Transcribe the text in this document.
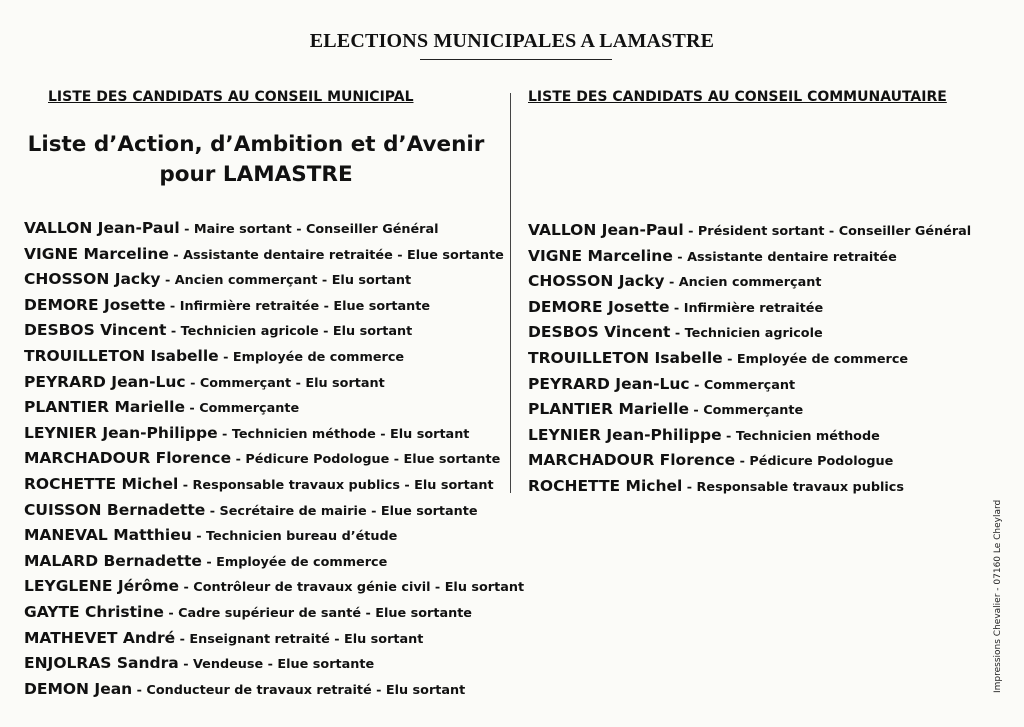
ELECTIONS MUNICIPALES A LAMASTRE
LISTE DES CANDIDATS AU CONSEIL MUNICIPAL	LISTE DES CANDIDATS AU CONSEIL COMMUNAUTAIRE
Liste d’Action, d’Ambition et d’Avenir
pour LAMASTRE
VALLON Jean-Paul - Maire sortant - Conseiller Général
VIGNE Marceline - Assistante dentaire retraitée - Elue sortante
CHOSSON Jacky - Ancien commerçant - Elu sortant
DEMORE Josette - Infirmière retraitée - Elue sortante
DESBOS Vincent - Technicien agricole - Elu sortant
TROUILLETON Isabelle - Employée de commerce
PEYRARD Jean-Luc - Commerçant - Elu sortant
PLANTIER Marielle - Commerçante
LEYNIER Jean-Philippe - Technicien méthode - Elu sortant
MARCHADOUR Florence - Pédicure Podologue - Elue sortante
ROCHETTE Michel - Responsable travaux publics - Elu sortant
CUISSON Bernadette - Secrétaire de mairie - Elue sortante
MANEVAL Matthieu - Technicien bureau d’étude
MALARD Bernadette - Employée de commerce
LEYGLENE Jérôme - Contrôleur de travaux génie civil - Elu sortant
GAYTE Christine - Cadre supérieur de santé - Elue sortante
MATHEVET André - Enseignant retraité - Elu sortant
ENJOLRAS Sandra - Vendeuse - Elue sortante
DEMON Jean - Conducteur de travaux retraité - Elu sortant
VALLON Jean-Paul - Président sortant - Conseiller Général
VIGNE Marceline - Assistante dentaire retraitée
CHOSSON Jacky - Ancien commerçant
DEMORE Josette - Infirmière retraitée
DESBOS Vincent - Technicien agricole
TROUILLETON Isabelle - Employée de commerce
PEYRARD Jean-Luc - Commerçant
PLANTIER Marielle - Commerçante
LEYNIER Jean-Philippe - Technicien méthode
MARCHADOUR Florence - Pédicure Podologue
ROCHETTE Michel - Responsable travaux publics
Impressions Chevalier - 07160 Le Cheylard
